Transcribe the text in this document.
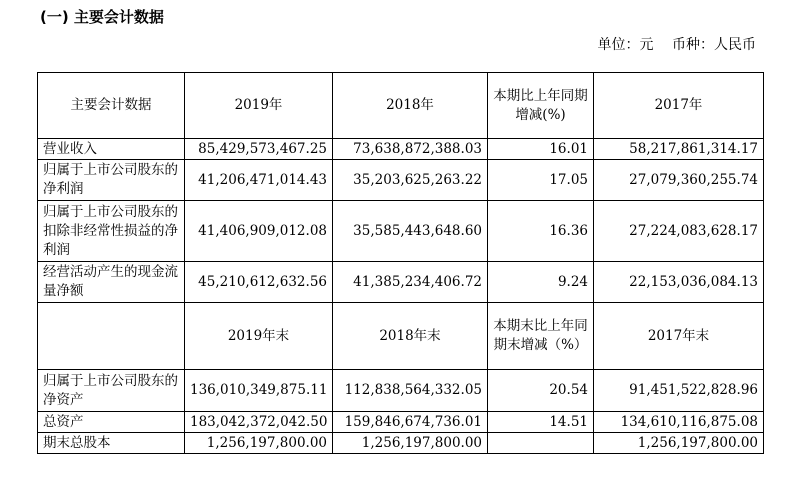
(一) 主要会计数据
单位：元 币种：人民币
主要会计数据	2019年	2018年	本期比上年同期增减(%)	2017年
营业收入	85,429,573,467.25	73,638,872,388.03	16.01	58,217,861,314.17
归属于上市公司股东的净利润	41,206,471,014.43	35,203,625,263.22	17.05	27,079,360,255.74
归属于上市公司股东的扣除非经常性损益的净利润	41,406,909,012.08	35,585,443,648.60	16.36	27,224,083,628.17
经营活动产生的现金流量净额	45,210,612,632.56	41,385,234,406.72	9.24	22,153,036,084.13
	2019年末	2018年末	本期末比上年同期末增减（%）	2017年末
归属于上市公司股东的净资产	136,010,349,875.11	112,838,564,332.05	20.54	91,451,522,828.96
总资产	183,042,372,042.50	159,846,674,736.01	14.51	134,610,116,875.08
期末总股本	1,256,197,800.00	1,256,197,800.00		1,256,197,800.00
